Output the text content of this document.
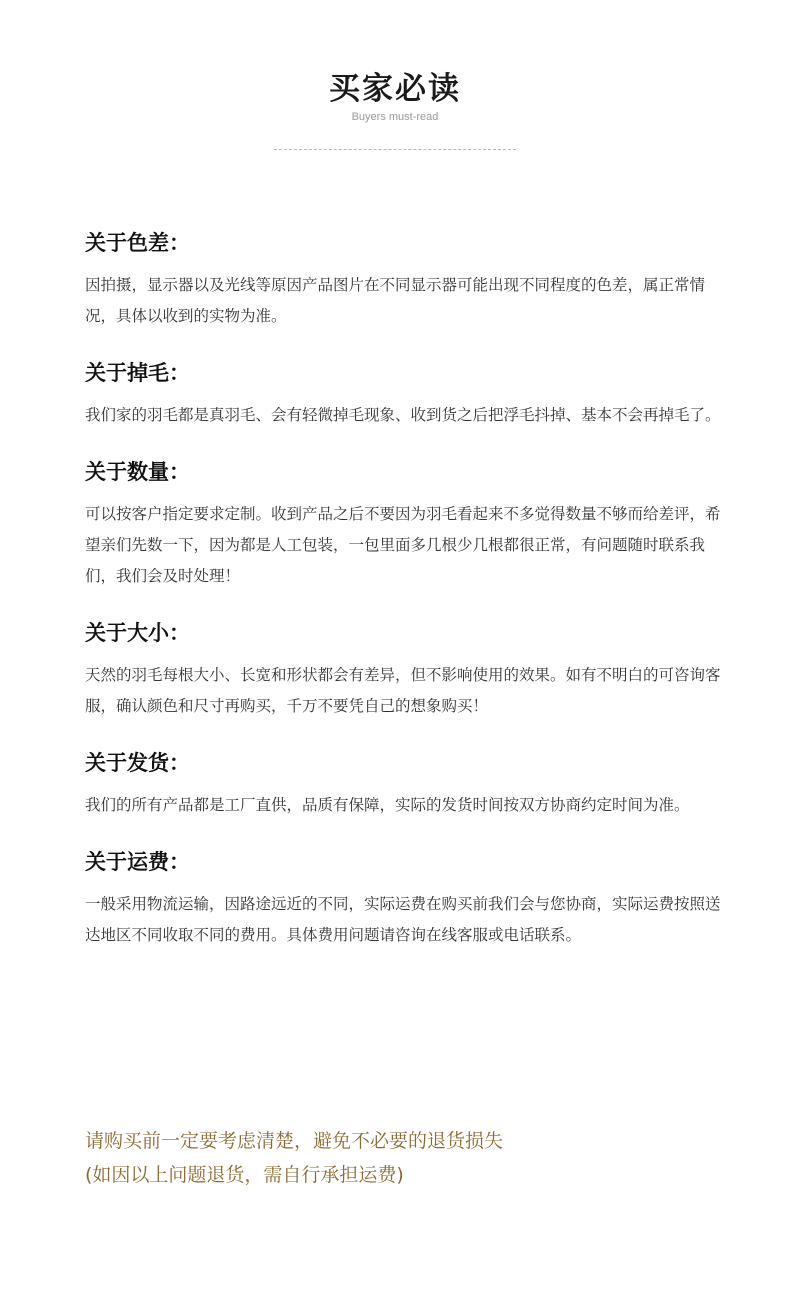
买家必读
Buyers must-read
关于色差：
因拍摄，显示器以及光线等原因产品图片在不同显示器可能出现不同程度的色差，属正常情况，具体以收到的实物为准。
关于掉毛：
我们家的羽毛都是真羽毛、会有轻微掉毛现象、收到货之后把浮毛抖掉、基本不会再掉毛了。
关于数量：
可以按客户指定要求定制。收到产品之后不要因为羽毛看起来不多觉得数量不够而给差评，希望亲们先数一下，因为都是人工包装，一包里面多几根少几根都很正常，有问题随时联系我们，我们会及时处理！
关于大小：
天然的羽毛每根大小、长宽和形状都会有差异，但不影响使用的效果。如有不明白的可咨询客服，确认颜色和尺寸再购买，千万不要凭自己的想象购买！
关于发货：
我们的所有产品都是工厂直供，品质有保障，实际的发货时间按双方协商约定时间为准。
关于运费：
一般采用物流运输，因路途远近的不同，实际运费在购买前我们会与您协商，实际运费按照送达地区不同收取不同的费用。具体费用问题请咨询在线客服或电话联系。
请购买前一定要考虑清楚，避免不必要的退货损失
(如因以上问题退货，需自行承担运费)
